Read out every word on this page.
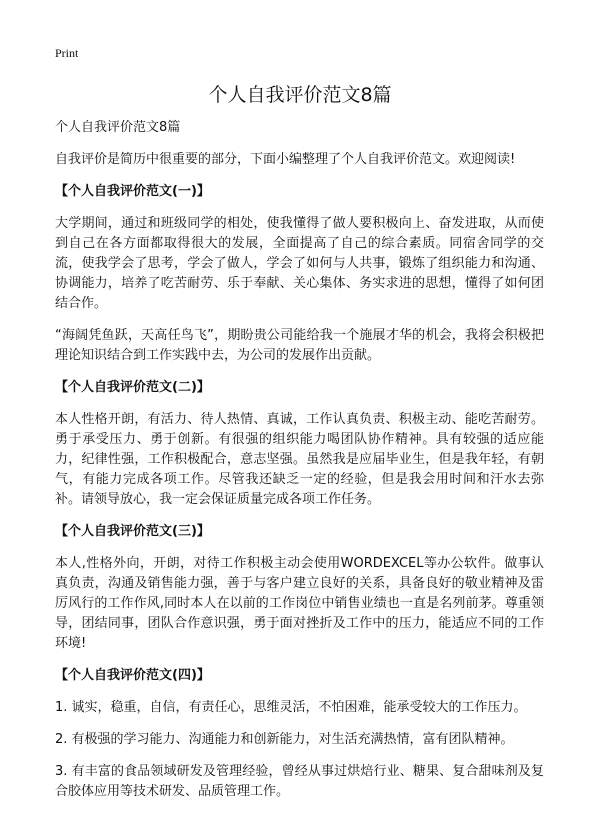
Print
个人自我评价范文8篇

个人自我评价范文8篇

自我评价是简历中很重要的部分，下面小编整理了个人自我评价范文。欢迎阅读!

【个人自我评价范文(一)】

大学期间，通过和班级同学的相处，使我懂得了做人要积极向上、奋发进取，从而使到自己在各方面都取得很大的发展，全面提高了自己的综合素质。同宿舍同学的交流，使我学会了思考，学会了做人，学会了如何与人共事，锻炼了组织能力和沟通、协调能力，培养了吃苦耐劳、乐于奉献、关心集体、务实求进的思想，懂得了如何团结合作。

“海阔凭鱼跃，天高任鸟飞”，期盼贵公司能给我一个施展才华的机会，我将会积极把理论知识结合到工作实践中去，为公司的发展作出贡献。

【个人自我评价范文(二)】

本人性格开朗，有活力、待人热情、真诚，工作认真负责、积极主动、能吃苦耐劳。勇于承受压力、勇于创新。有很强的组织能力喝团队协作精神。具有较强的适应能力，纪律性强，工作积极配合，意志坚强。虽然我是应届毕业生，但是我年轻，有朝气，有能力完成各项工作。尽管我还缺乏一定的经验，但是我会用时间和汗水去弥补。请领导放心，我一定会保证质量完成各项工作任务。

【个人自我评价范文(三)】

本人,性格外向，开朗，对待工作积极主动会使用WORDEXCEL等办公软件。做事认真负责，沟通及销售能力强，善于与客户建立良好的关系，具备良好的敬业精神及雷厉风行的工作作风,同时本人在以前的工作岗位中销售业绩也一直是名列前茅。尊重领导，团结同事，团队合作意识强，勇于面对挫折及工作中的压力，能适应不同的工作环境!

【个人自我评价范文(四)】

1. 诚实，稳重，自信，有责任心，思维灵活，不怕困难，能承受较大的工作压力。

2. 有极强的学习能力、沟通能力和创新能力，对生活充满热情，富有团队精神。

3. 有丰富的食品领域研发及管理经验，曾经从事过烘焙行业、糖果、复合甜味剂及复合胶体应用等技术研发、品质管理工作。
